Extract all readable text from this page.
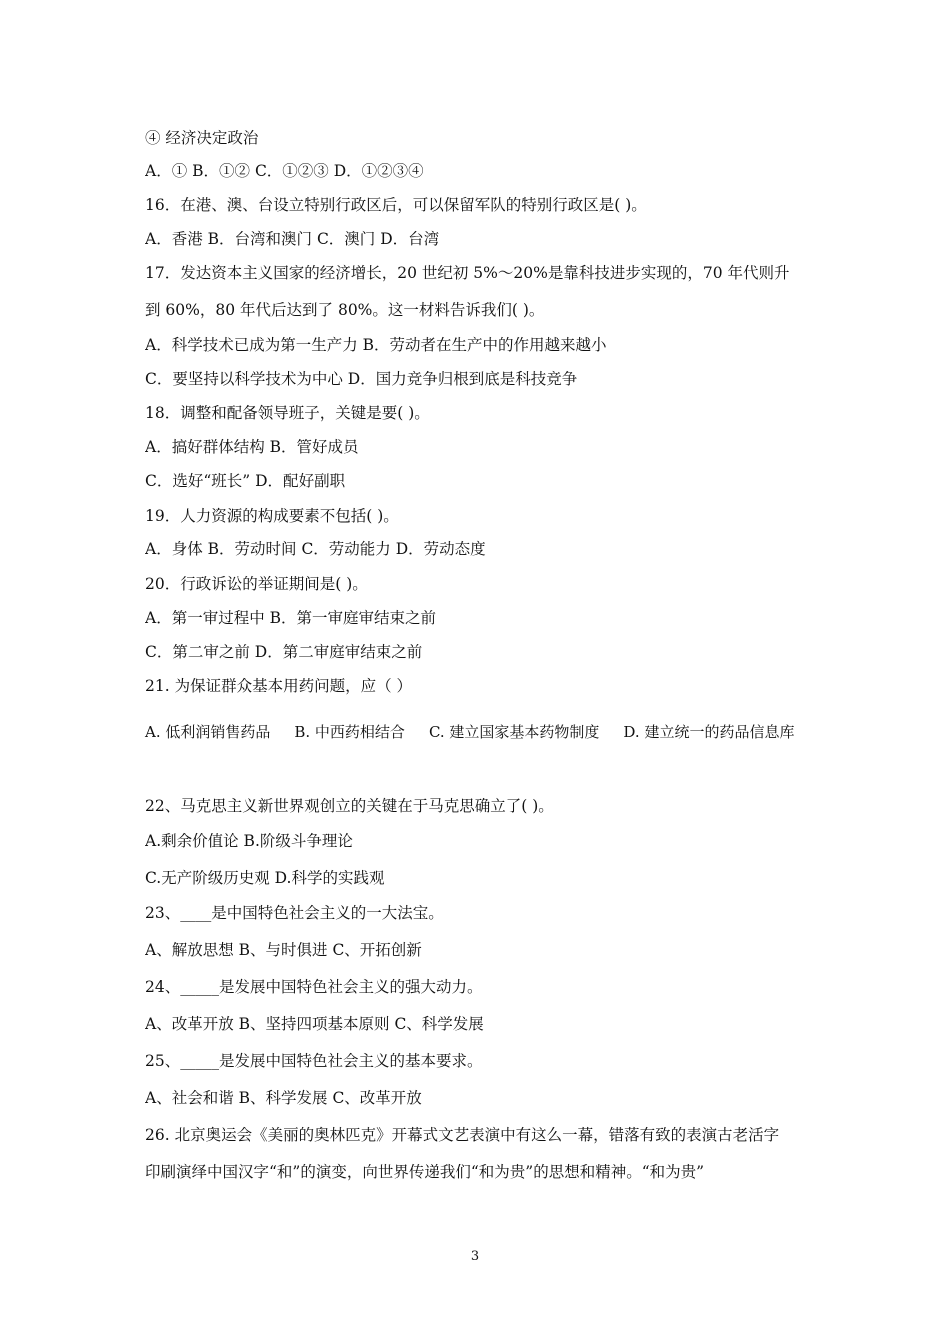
④ 经济决定政治
A．① B．①② C．①②③ D．①②③④
16．在港、澳、台设立特别行政区后，可以保留军队的特别行政区是( )。
A．香港 B．台湾和澳门 C．澳门 D．台湾
17．发达资本主义国家的经济增长，20 世纪初 5%～20%是靠科技进步实现的，70 年代则升
到 60%，80 年代后达到了 80%。这一材料告诉我们( )。
A．科学技术已成为第一生产力 B．劳动者在生产中的作用越来越小
C．要坚持以科学技术为中心 D．国力竞争归根到底是科技竞争
18．调整和配备领导班子，关键是要( )。
A．搞好群体结构 B．管好成员
C．选好“班长” D．配好副职
19．人力资源的构成要素不包括( )。
A．身体 B．劳动时间 C．劳动能力 D．劳动态度
20．行政诉讼的举证期间是( )。
A．第一审过程中 B．第一审庭审结束之前
C．第二审之前 D．第二审庭审结束之前
21. 为保证群众基本用药问题，应（ ）
A. 低利润销售药品 B. 中西药相结合 C. 建立国家基本药物制度 D. 建立统一的药品信息库
22、马克思主义新世界观创立的关键在于马克思确立了( )。
A.剩余价值论 B.阶级斗争理论
C.无产阶级历史观 D.科学的实践观
23、____是中国特色社会主义的一大法宝。
A、解放思想 B、与时俱进 C、开拓创新
24、_____是发展中国特色社会主义的强大动力。
A、改革开放 B、坚持四项基本原则 C、科学发展
25、_____是发展中国特色社会主义的基本要求。
A、社会和谐 B、科学发展 C、改革开放
26. 北京奥运会《美丽的奥林匹克》开幕式文艺表演中有这么一幕，错落有致的表演古老活字
印刷演绎中国汉字“和”的演变，向世界传递我们“和为贵”的思想和精神。“和为贵”
3
